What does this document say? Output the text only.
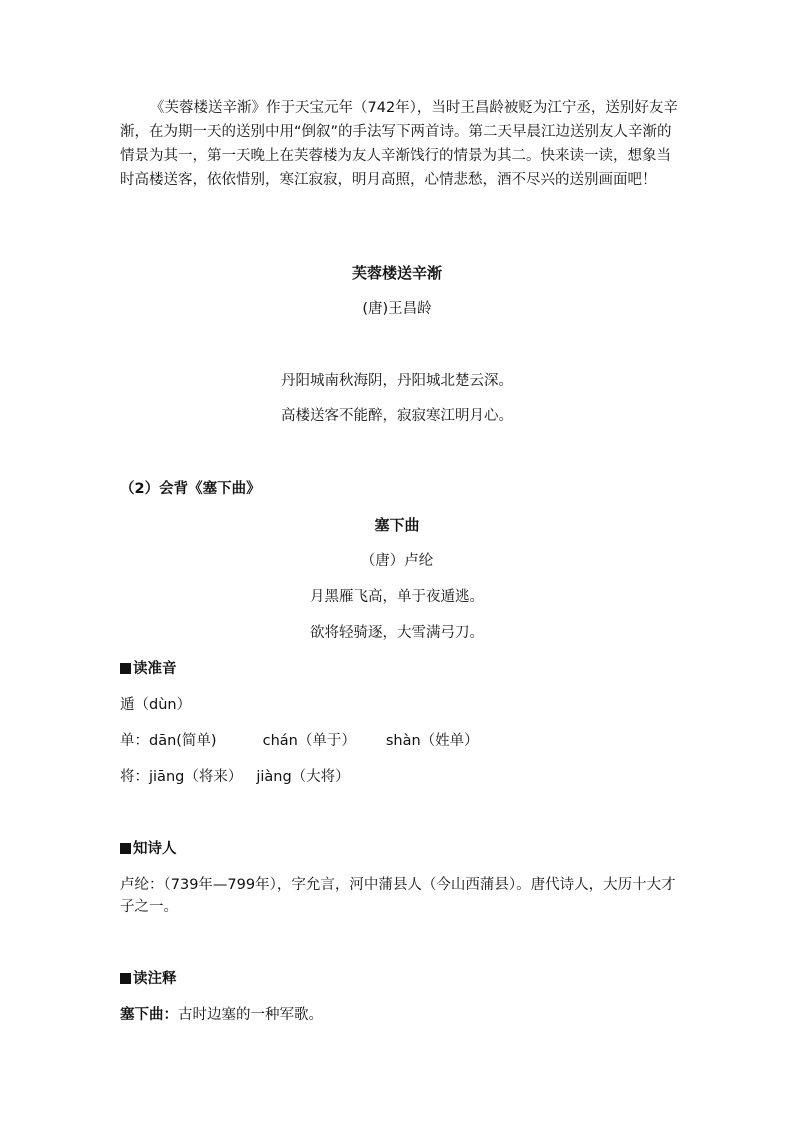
《芙蓉楼送辛渐》作于天宝元年（742年），当时王昌龄被贬为江宁丞，送别好友辛渐，在为期一天的送别中用“倒叙”的手法写下两首诗。第二天早晨江边送别友人辛渐的情景为其一，第一天晚上在芙蓉楼为友人辛渐饯行的情景为其二。快来读一读，想象当时高楼送客，依依惜别，寒江寂寂，明月高照，心情悲愁，酒不尽兴的送别画面吧！

芙蓉楼送辛渐

(唐)王昌龄

丹阳城南秋海阴，丹阳城北楚云深。

高楼送客不能醉，寂寂寒江明月心。

（2）会背《塞下曲》

塞下曲

（唐）卢纶

月黑雁飞高，单于夜遁逃。

欲将轻骑逐，大雪满弓刀。

读准音

遁（dùn）

单：dān(简单)	chán（单于） shàn（姓单）

将：jiāng（将来） jiàng（大将）

知诗人

卢纶：（739年—799年），字允言，河中蒲县人（今山西蒲县）。唐代诗人，大历十大才子之一。

读注释

塞下曲：古时边塞的一种军歌。
